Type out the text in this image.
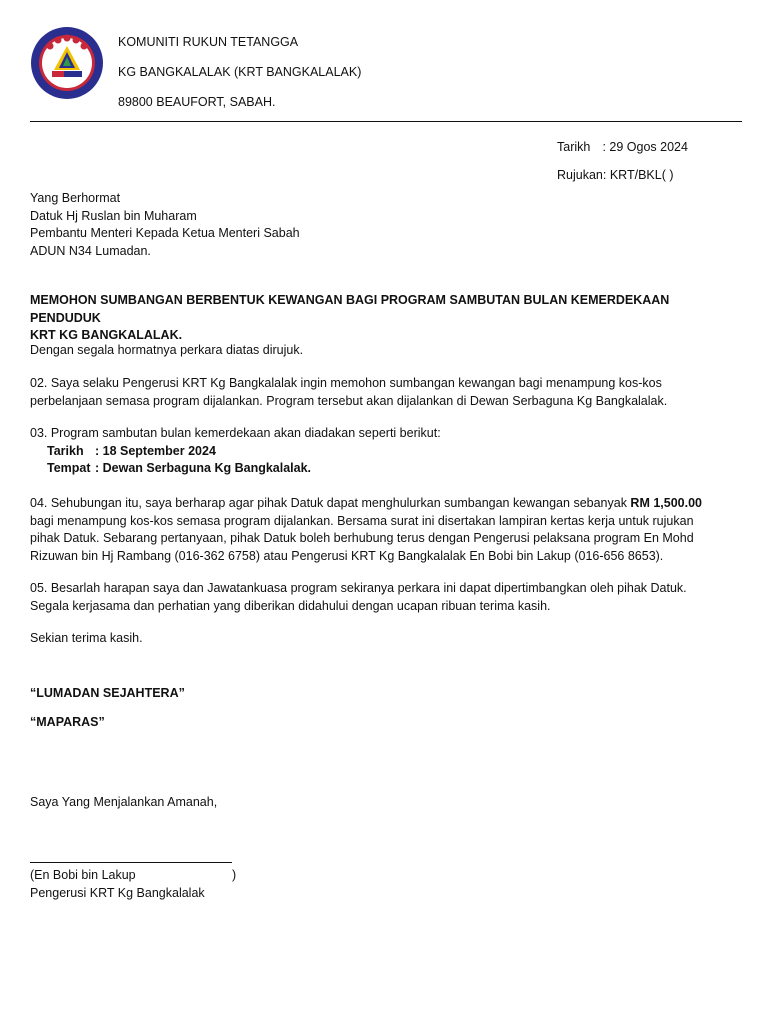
KOMUNITI RUKUN TETANGGA
KG BANGKALALAK (KRT BANGKALALAK)
89800 BEAUFORT, SABAH.
Tarikh : 29 Ogos 2024
Rujukan: KRT/BKL( )
Yang Berhormat
Datuk Hj Ruslan bin Muharam
Pembantu Menteri Kepada Ketua Menteri Sabah
ADUN N34 Lumadan.
MEMOHON SUMBANGAN BERBENTUK KEWANGAN BAGI PROGRAM SAMBUTAN BULAN KEMERDEKAAN PENDUDUK
KRT KG BANGKALALAK.
Dengan segala hormatnya perkara diatas dirujuk.
02. Saya selaku Pengerusi KRT Kg Bangkalalak ingin memohon sumbangan kewangan bagi menampung kos-kos
perbelanjaan semasa program dijalankan. Program tersebut akan dijalankan di Dewan Serbaguna Kg Bangkalalak.
03. Program sambutan bulan kemerdekaan akan diadakan seperti berikut:
Tarikh : 18 September 2024
Tempat : Dewan Serbaguna Kg Bangkalalak.
04. Sehubungan itu, saya berharap agar pihak Datuk dapat menghulurkan sumbangan kewangan sebanyak RM 1,500.00
bagi menampung kos-kos semasa program dijalankan. Bersama surat ini disertakan lampiran kertas kerja untuk rujukan
pihak Datuk. Sebarang pertanyaan, pihak Datuk boleh berhubung terus dengan Pengerusi pelaksana program En Mohd
Rizuwan bin Hj Rambang (016-362 6758) atau Pengerusi KRT Kg Bangkalalak En Bobi bin Lakup (016-656 8653).
05. Besarlah harapan saya dan Jawatankuasa program sekiranya perkara ini dapat dipertimbangkan oleh pihak Datuk.
Segala kerjasama dan perhatian yang diberikan didahului dengan ucapan ribuan terima kasih.
Sekian terima kasih.
“LUMADAN SEJAHTERA”
“MAPARAS”
Saya Yang Menjalankan Amanah,
(En Bobi bin Lakup	)
Pengerusi KRT Kg Bangkalalak
